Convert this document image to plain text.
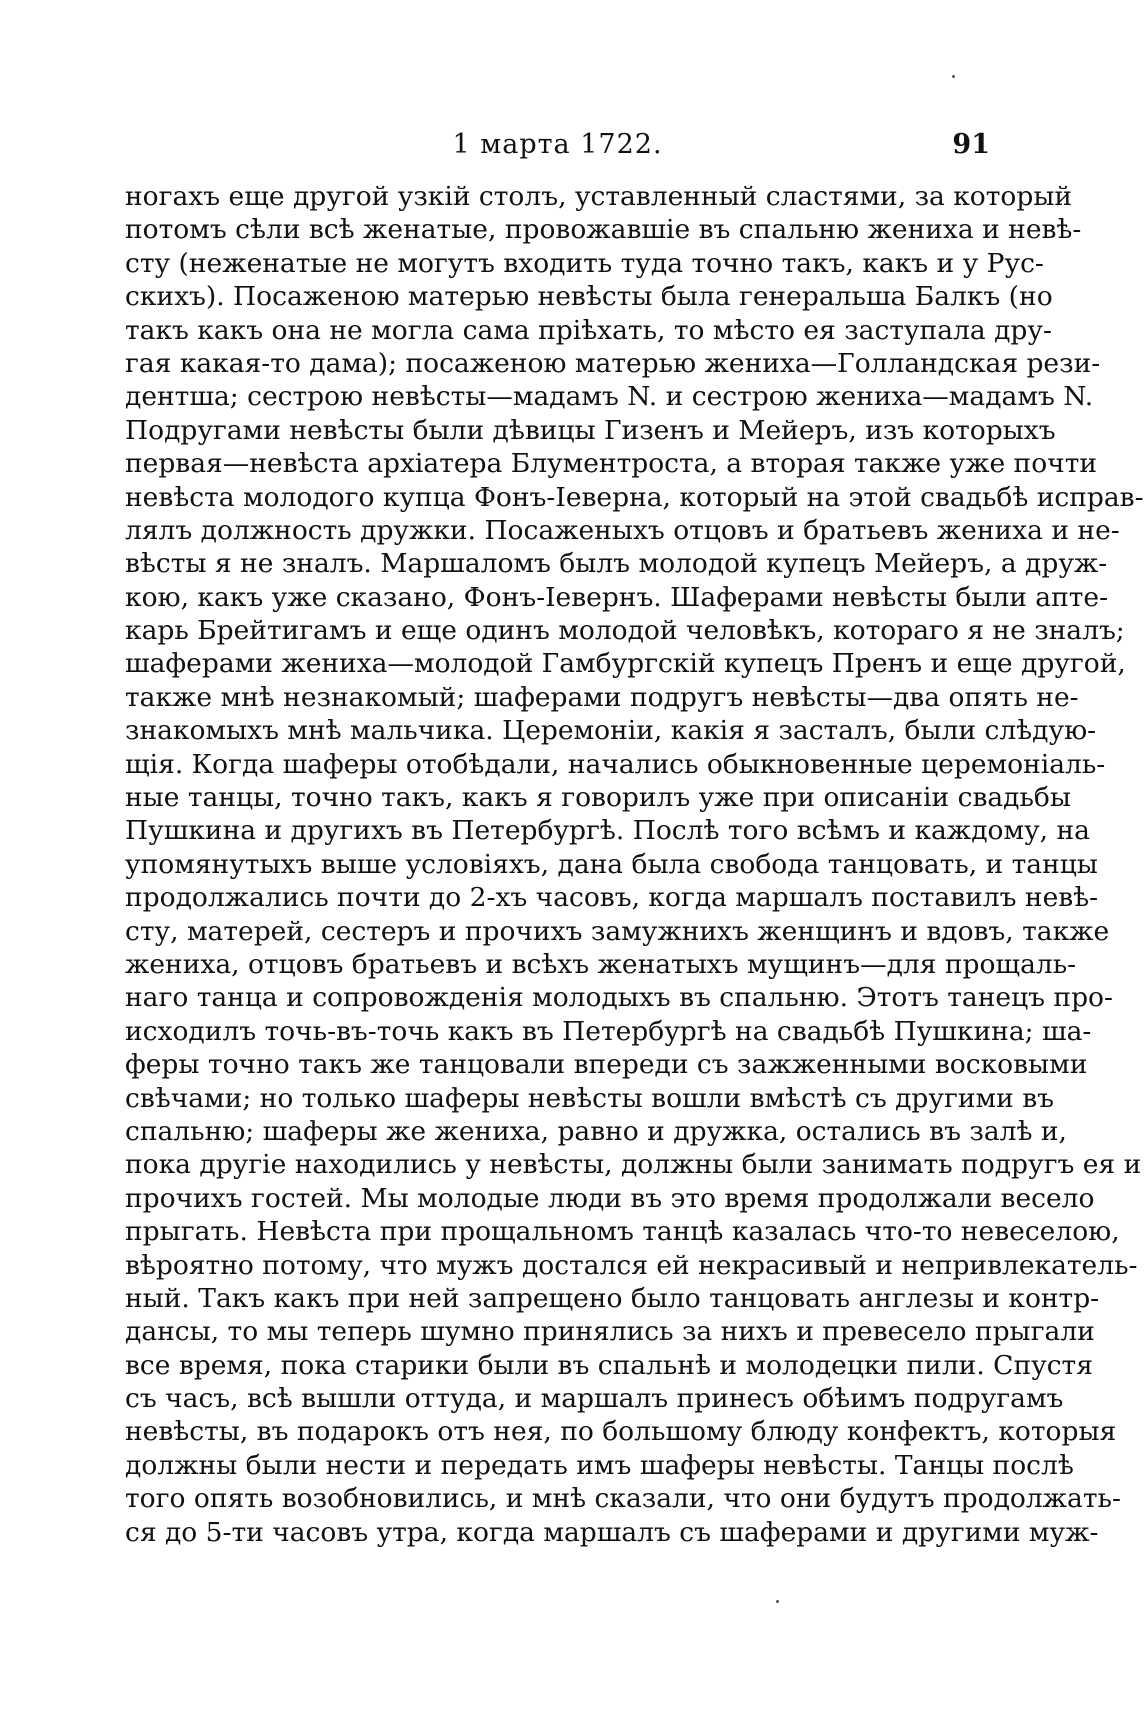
1 марта 1722.	91
ногахъ еще другой узкій столъ, уставленный сластями, за который
потомъ сѣли всѣ женатые, провожавшіе въ спальню жениха и невѣ-
сту (неженатые не могутъ входить туда точно такъ, какъ и у Рус-
скихъ). Посаженою матерью невѣсты была генеральша Балкъ (но
такъ какъ она не могла сама пріѣхать, то мѣсто ея заступала дру-
гая какая-то дама); посаженою матерью жениха—Голландская рези-
дентша; сестрою невѣсты—мадамъ N. и сестрою жениха—мадамъ N.
Подругами невѣсты были дѣвицы Гизенъ и Мейеръ, изъ которыхъ
первая—невѣста архіатера Блументроста, а вторая также уже почти
невѣста молодого купца Фонъ-Іеверна, который на этой свадьбѣ исправ-
лялъ должность дружки. Посаженыхъ отцовъ и братьевъ жениха и не-
вѣсты я не зналъ. Маршаломъ былъ молодой купецъ Мейеръ, а друж-
кою, какъ уже сказано, Фонъ-Іевернъ. Шаферами невѣсты были апте-
карь Брейтигамъ и еще одинъ молодой человѣкъ, котораго я не зналъ;
шаферами жениха—молодой Гамбургскій купецъ Пренъ и еще другой,
также мнѣ незнакомый; шаферами подругъ невѣсты—два опять не-
знакомыхъ мнѣ мальчика. Церемоніи, какія я засталъ, были слѣдую-
щія. Когда шаферы отобѣдали, начались обыкновенные церемоніаль-
ные танцы, точно такъ, какъ я говорилъ уже при описаніи свадьбы
Пушкина и другихъ въ Петербургѣ. Послѣ того всѣмъ и каждому, на
упомянутыхъ выше условіяхъ, дана была свобода танцовать, и танцы
продолжались почти до 2-хъ часовъ, когда маршалъ поставилъ невѣ-
сту, матерей, сестеръ и прочихъ замужнихъ женщинъ и вдовъ, также
жениха, отцовъ братьевъ и всѣхъ женатыхъ мущинъ—для прощаль-
наго танца и сопровожденія молодыхъ въ спальню. Этотъ танецъ про-
исходилъ точь-въ-точь какъ въ Петербургѣ на свадьбѣ Пушкина; ша-
феры точно такъ же танцовали впереди съ зажженными восковыми
свѣчами; но только шаферы невѣсты вошли вмѣстѣ съ другими въ
спальню; шаферы же жениха, равно и дружка, остались въ залѣ и,
пока другіе находились у невѣсты, должны были занимать подругъ ея и
прочихъ гостей. Мы молодые люди въ это время продолжали весело
прыгать. Невѣста при прощальномъ танцѣ казалась что-то невеселою,
вѣроятно потому, что мужъ достался ей некрасивый и непривлекатель-
ный. Такъ какъ при ней запрещено было танцовать англезы и контр-
дансы, то мы теперь шумно принялись за нихъ и превесело прыгали
все время, пока старики были въ спальнѣ и молодецки пили. Спустя
съ часъ, всѣ вышли оттуда, и маршалъ принесъ обѣимъ подругамъ
невѣсты, въ подарокъ отъ нея, по большому блюду конфектъ, которыя
должны были нести и передать имъ шаферы невѣсты. Танцы послѣ
того опять возобновились, и мнѣ сказали, что они будутъ продолжать-
ся до 5-ти часовъ утра, когда маршалъ съ шаферами и другими муж-
